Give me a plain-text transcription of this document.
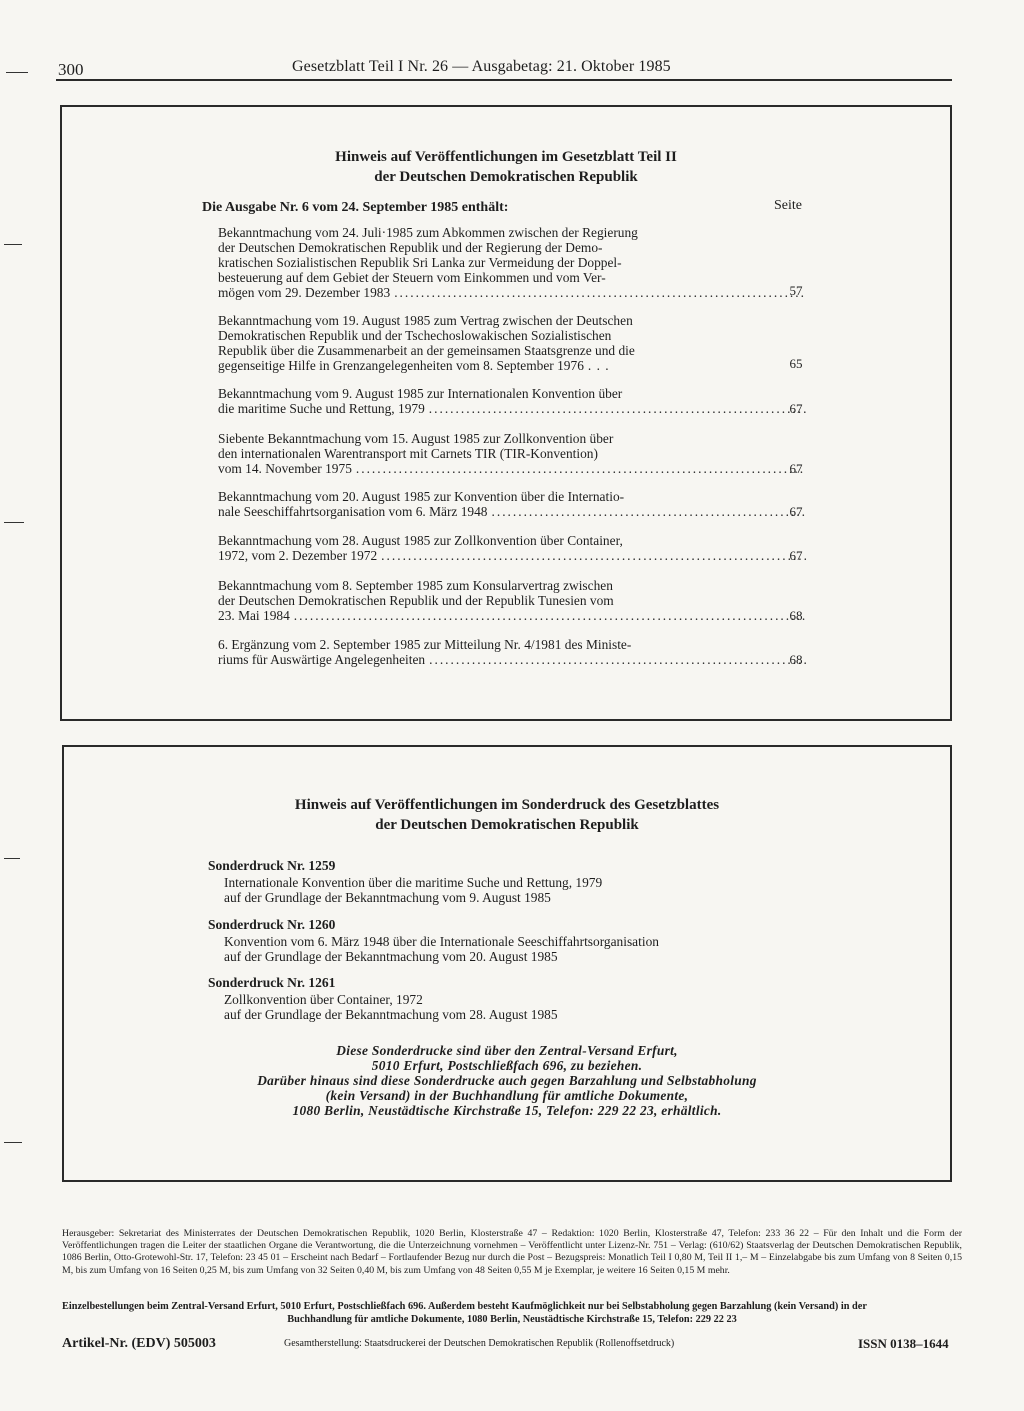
300	Gesetzblatt Teil I Nr. 26 — Ausgabetag: 21. Oktober 1985
Hinweis auf Veröffentlichungen im Gesetzblatt Teil II
der Deutschen Demokratischen Republik
Die Ausgabe Nr. 6 vom 24. September 1985 enthält:	Seite
Bekanntmachung vom 24. Juli·1985 zum Abkommen zwischen der Regierung
der Deutschen Demokratischen Republik und der Regierung der Demo-
kratischen Sozialistischen Republik Sri Lanka zur Vermeidung der Doppel-
besteuerung auf dem Gebiet der Steuern vom Einkommen und vom Ver-
mögen vom 29. Dezember 1983 .....	57
Bekanntmachung vom 19. August 1985 zum Vertrag zwischen der Deutschen
Demokratischen Republik und der Tschechoslowakischen Sozialistischen
Republik über die Zusammenarbeit an der gemeinsamen Staatsgrenze und die
gegenseitige Hilfe in Grenzangelegenheiten vom 8. September 1976 . . .	65
Bekanntmachung vom 9. August 1985 zur Internationalen Konvention über
die maritime Suche und Rettung, 1979 .....	67
Siebente Bekanntmachung vom 15. August 1985 zur Zollkonvention über
den internationalen Warentransport mit Carnets TIR (TIR-Konvention)
vom 14. November 1975 .....	67
Bekanntmachung vom 20. August 1985 zur Konvention über die Internatio-
nale Seeschiffahrtsorganisation vom 6. März 1948 .....	67
Bekanntmachung vom 28. August 1985 zur Zollkonvention über Container,
1972, vom 2. Dezember 1972 .....	67
Bekanntmachung vom 8. September 1985 zum Konsularvertrag zwischen
der Deutschen Demokratischen Republik und der Republik Tunesien vom
23. Mai 1984 .....	68
6. Ergänzung vom 2. September 1985 zur Mitteilung Nr. 4/1981 des Ministe-
riums für Auswärtige Angelegenheiten .....	68
Hinweis auf Veröffentlichungen im Sonderdruck des Gesetzblattes
der Deutschen Demokratischen Republik
Sonderdruck Nr. 1259
Internationale Konvention über die maritime Suche und Rettung, 1979
auf der Grundlage der Bekanntmachung vom 9. August 1985
Sonderdruck Nr. 1260
Konvention vom 6. März 1948 über die Internationale Seeschiffahrtsorganisation
auf der Grundlage der Bekanntmachung vom 20. August 1985
Sonderdruck Nr. 1261
Zollkonvention über Container, 1972
auf der Grundlage der Bekanntmachung vom 28. August 1985
Diese Sonderdrucke sind über den Zentral-Versand Erfurt,
5010 Erfurt, Postschließfach 696, zu beziehen.
Darüber hinaus sind diese Sonderdrucke auch gegen Barzahlung und Selbstabholung
(kein Versand) in der Buchhandlung für amtliche Dokumente,
1080 Berlin, Neustädtische Kirchstraße 15, Telefon: 229 22 23, erhältlich.
Herausgeber: Sekretariat des Ministerrates der Deutschen Demokratischen Republik, 1020 Berlin, Klosterstraße 47 – Redaktion: 1020 Berlin, Klosterstraße 47, Telefon: 233 36 22 – Für den Inhalt und die Form der Veröffentlichungen tragen die Leiter der staatlichen Organe die Verantwortung, die die Unterzeichnung vornehmen – Veröffentlicht unter Lizenz-Nr. 751 – Verlag: (610/62) Staatsverlag der Deutschen Demokratischen Republik, 1086 Berlin, Otto-Grotewohl-Str. 17, Telefon: 23 45 01 – Erscheint nach Bedarf – Fortlaufender Bezug nur durch die Post – Bezugspreis: Monatlich Teil I 0,80 M, Teil II 1,– M – Einzelabgabe bis zum Umfang von 8 Seiten 0,15 M, bis zum Umfang von 16 Seiten 0,25 M, bis zum Umfang von 32 Seiten 0,40 M, bis zum Umfang von 48 Seiten 0,55 M je Exemplar, je weitere 16 Seiten 0,15 M mehr.
Einzelbestellungen beim Zentral-Versand Erfurt, 5010 Erfurt, Postschließfach 696. Außerdem besteht Kaufmöglichkeit nur bei Selbstabholung gegen Barzahlung (kein Versand) in der
Buchhandlung für amtliche Dokumente, 1080 Berlin, Neustädtische Kirchstraße 15, Telefon: 229 22 23
Artikel-Nr. (EDV) 505003	Gesamtherstellung: Staatsdruckerei der Deutschen Demokratischen Republik (Rollenoffsetdruck)	ISSN 0138–1644
